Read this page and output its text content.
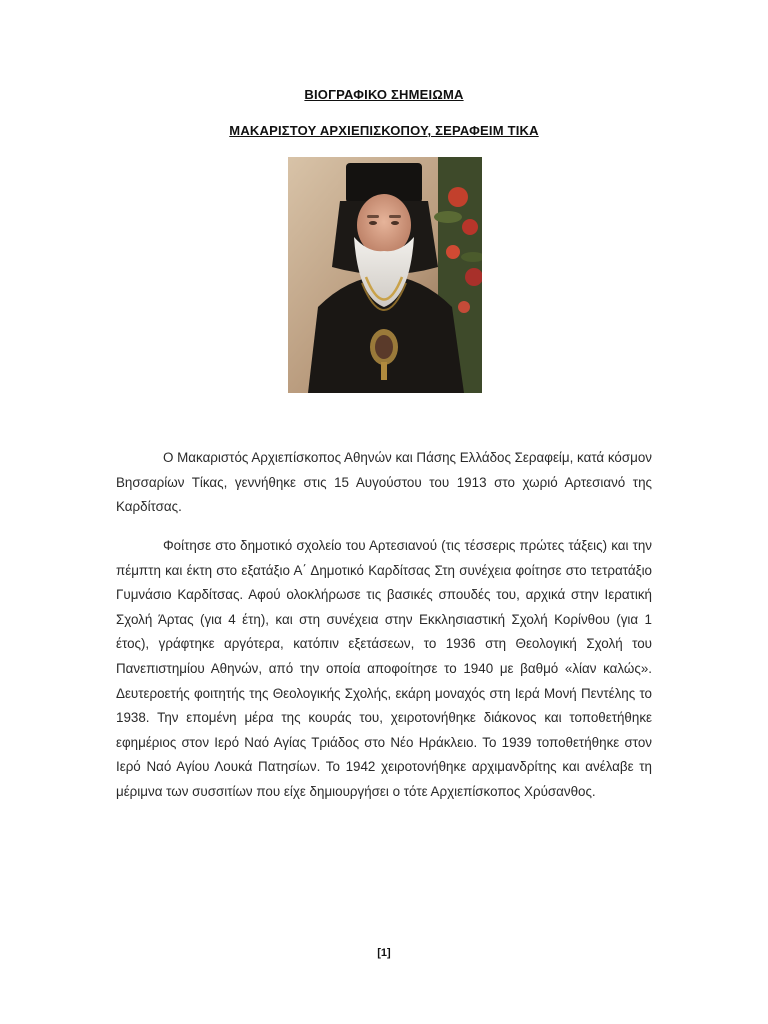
ΒΙΟΓΡΑΦΙΚΟ ΣΗΜΕΙΩΜΑ
ΜΑΚΑΡΙΣΤΟΥ ΑΡΧΙΕΠΙΣΚΟΠΟΥ, ΣΕΡΑΦΕΙΜ ΤΙΚΑ

Ο Μακαριστός Αρχιεπίσκοπος Αθηνών και Πάσης Ελλάδος Σεραφείμ, κατά κόσμον Βησσαρίων Τίκας, γεννήθηκε στις 15 Αυγούστου του 1913 στο χωριό Αρτεσιανό της Καρδίτσας.

Φοίτησε στο δημοτικό σχολείο του Αρτεσιανού (τις τέσσερις πρώτες τάξεις) και την πέμπτη και έκτη στο εξατάξιο Α΄ Δημοτικό Καρδίτσας Στη συνέχεια φοίτησε στο τετρατάξιο Γυμνάσιο Καρδίτσας. Αφού ολοκλήρωσε τις βασικές σπουδές του, αρχικά στην Ιερατική Σχολή Άρτας (για 4 έτη), και στη συνέχεια στην Εκκλησιαστική Σχολή Κορίνθου (για 1 έτος), γράφτηκε αργότερα, κατόπιν εξετάσεων, το 1936 στη Θεολογική Σχολή του Πανεπιστημίου Αθηνών, από την οποία αποφοίτησε το 1940 με βαθμό «λίαν καλώς». Δευτεροετής φοιτητής της Θεολογικής Σχολής, εκάρη μοναχός στη Ιερά Μονή Πεντέλης το 1938. Την επομένη μέρα της κουράς του, χειροτονήθηκε διάκονος και τοποθετήθηκε εφημέριος στον Ιερό Ναό Αγίας Τριάδος στο Νέο Ηράκλειο. Το 1939 τοποθετήθηκε στον Ιερό Ναό Αγίου Λουκά Πατησίων. Το 1942 χειροτονήθηκε αρχιμανδρίτης και ανέλαβε τη μέριμνα των συσσιτίων που είχε δημιουργήσει ο τότε Αρχιεπίσκοπος Χρύσανθος.

[1]
